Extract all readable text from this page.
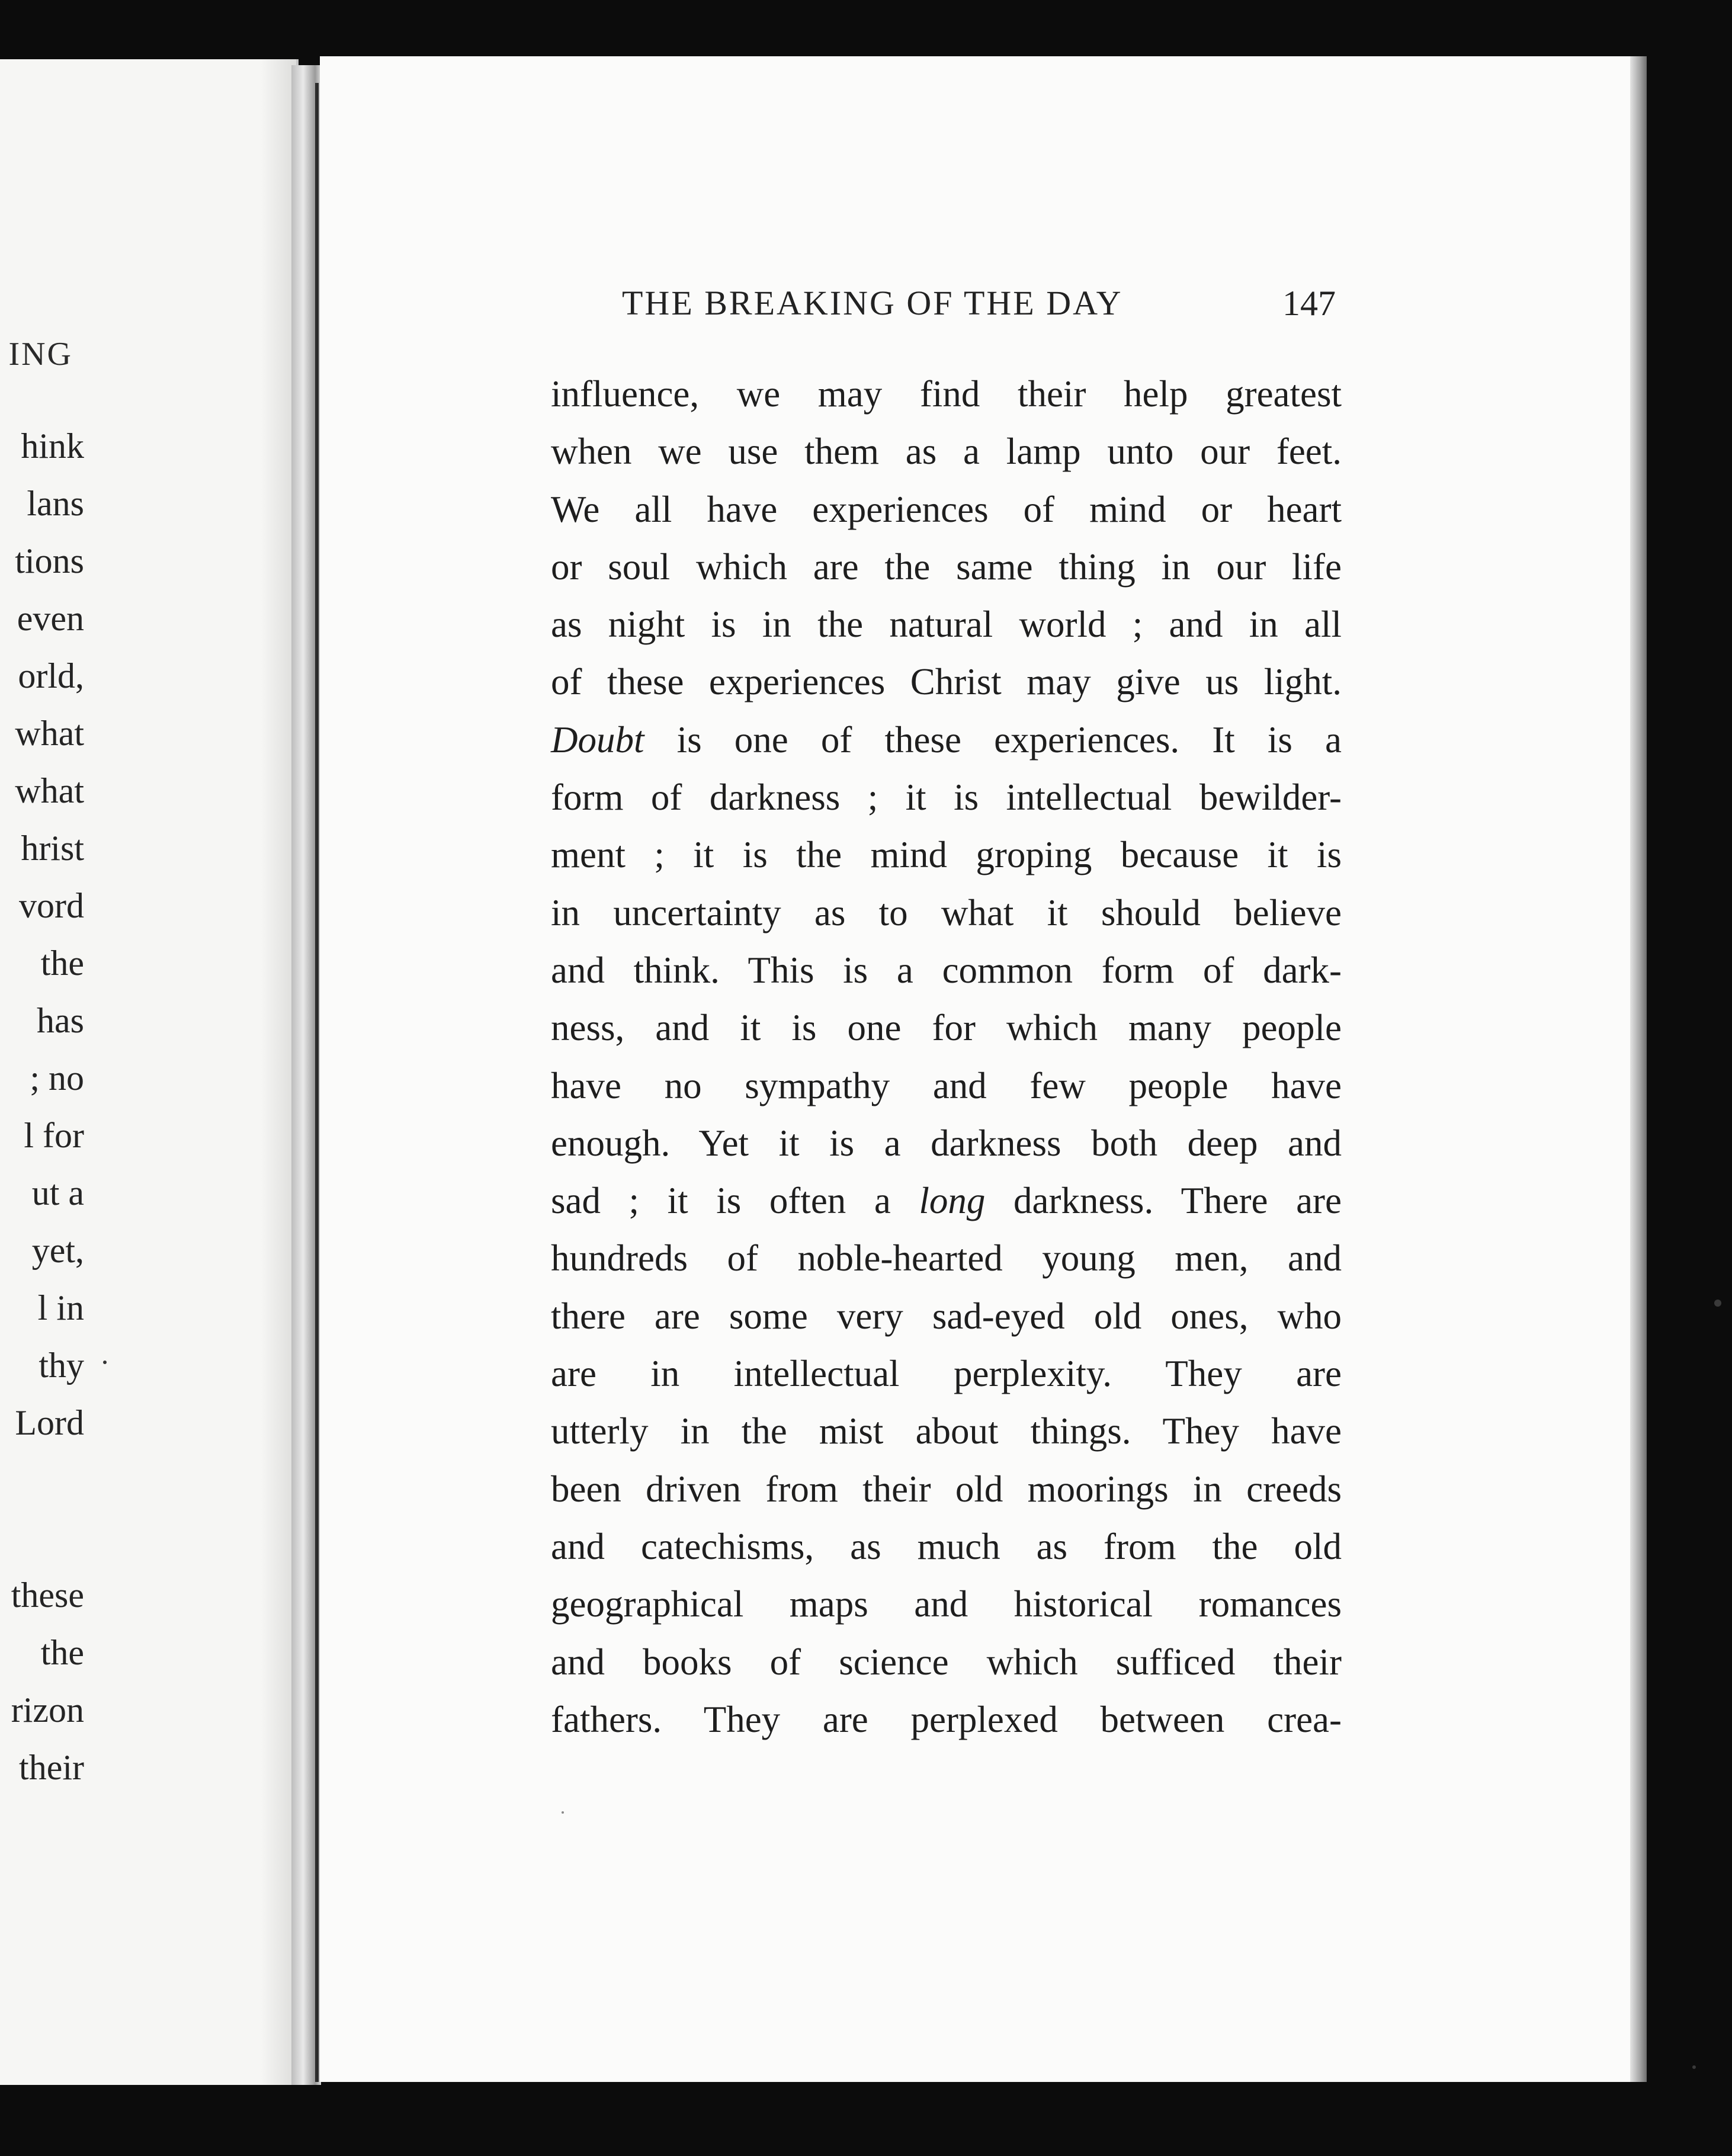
ING
hink
lans
tions
even
orld,
what
what
hrist
vord
the
has
; no
l for
ut a
yet,
l in
thy
Lord
these
the
rizon
their
THE BREAKING OF THE DAY	147
influence, we may find their help greatest
when we use them as a lamp unto our feet.
We all have experiences of mind or heart
or soul which are the same thing in our life
as night is in the natural world ; and in all
of these experiences Christ may give us light.
Doubt is one of these experiences. It is a
form of darkness ; it is intellectual bewilder-
ment ; it is the mind groping because it is
in uncertainty as to what it should believe
and think. This is a common form of dark-
ness, and it is one for which many people
have no sympathy and few people have
enough. Yet it is a darkness both deep and
sad ; it is often a long darkness. There are
hundreds of noble-hearted young men, and
there are some very sad-eyed old ones, who
are in intellectual perplexity. They are
utterly in the mist about things. They have
been driven from their old moorings in creeds
and catechisms, as much as from the old
geographical maps and historical romances
and books of science which sufficed their
fathers. They are perplexed between crea-
